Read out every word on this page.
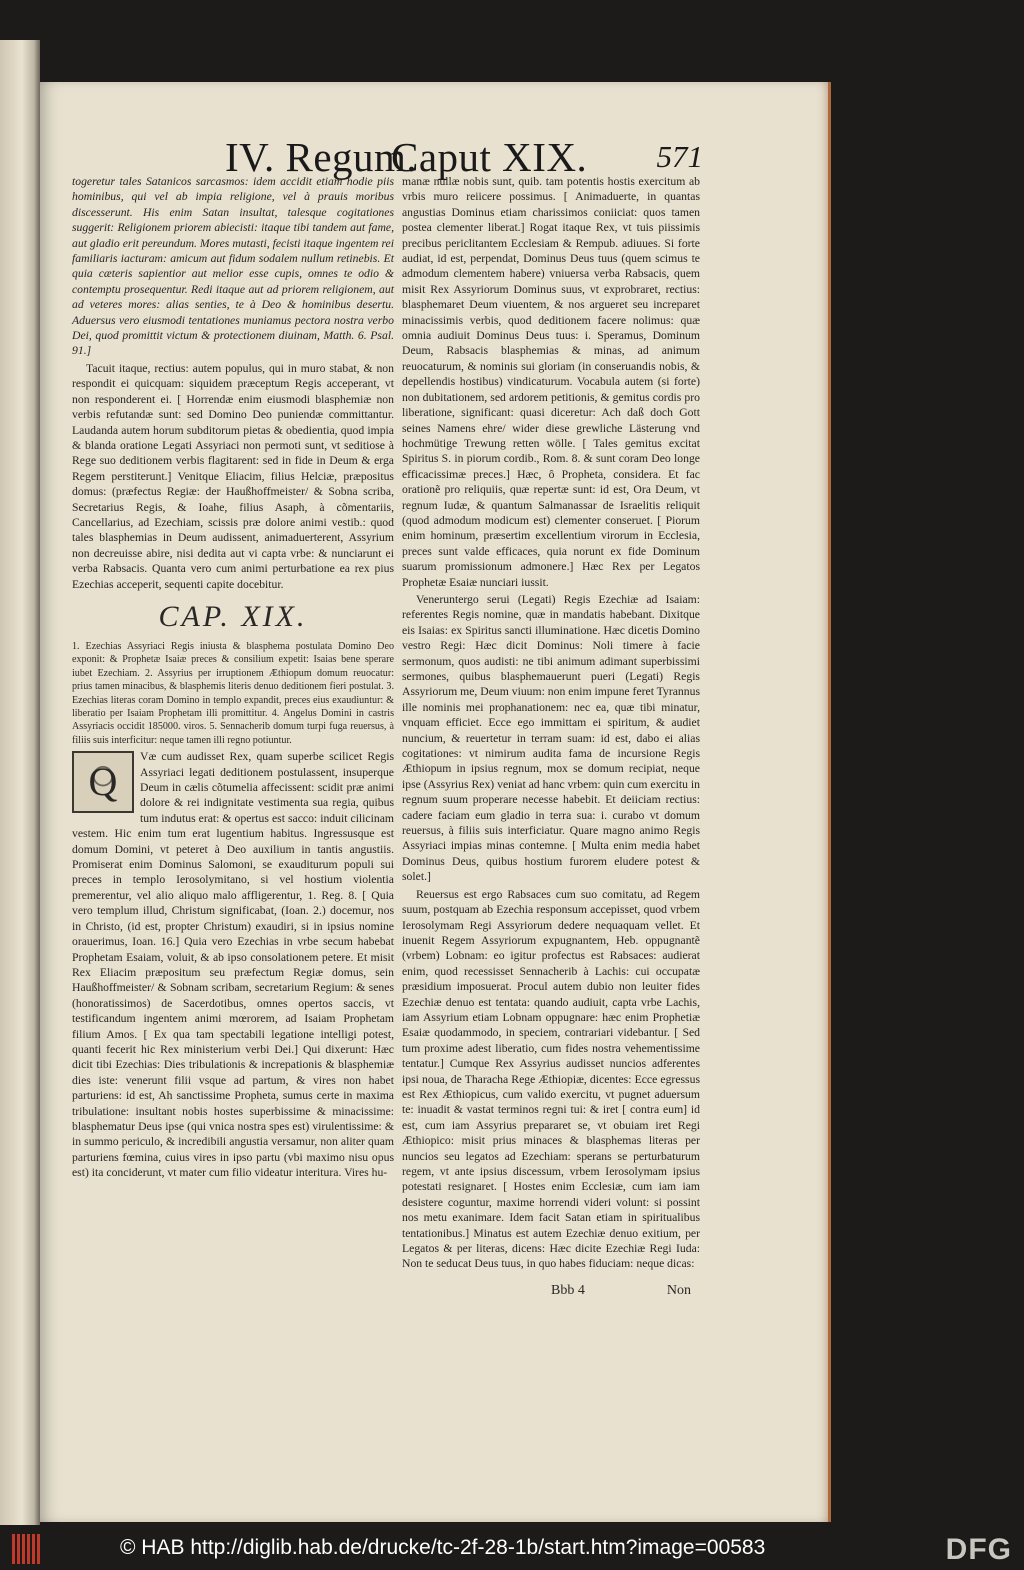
IV. Regum.
Caput XIX. 571

togeretur tales Satanicos sarcasmos: idem accidit etiam hodie piis hominibus, qui vel ab impia religione, vel à prauis moribus discesserunt. His enim Satan insultat, talesque cogitationes suggerit: Religionem priorem abiecisti: itaque tibi tandem aut fame, aut gladio erit pereundum. Mores mutasti, fecisti itaque ingentem rei familiaris iacturam: amicum aut fidum sodalem nullum retinebis. Et quia cæteris sapientior aut melior esse cupis, omnes te odio & contemptu prosequentur. Redi itaque aut ad priorem religionem, aut ad veteres mores: alias senties, te à Deo & hominibus desertu. Aduersus vero eiusmodi tentationes muniamus pectora nostra verbo Dei, quod promittit victum & protectionem diuinam, Matth. 6. Psal. 91.]

Tacuit itaque, rectius: autem populus, qui in muro stabat, & non respondit ei quicquam: siquidem præceptum Regis acceperant, vt non responderent ei. [ Horrendæ enim eiusmodi blasphemiæ non verbis refutandæ sunt: sed Domino Deo puniendæ committantur. Laudanda autem horum subditorum pietas & obedientia, quod impia & blanda oratione Legati Assyriaci non permoti sunt, vt seditiose à Rege suo deditionem verbis flagitarent: sed in fide in Deum & erga Regem perstiterunt.] Venitque Eliacim, filius Helciæ, præpositus domus: (præfectus Regiæ: der Haußhoffmeister/ & Sobna scriba, Secretarius Regis, & Ioahe, filius Asaph, à cõmentariis, Cancellarius, ad Ezechiam, scissis præ dolore animi vestib.: quod tales blasphemias in Deum audissent, animaduerterent, Assyrium non decreuisse abire, nisi dedita aut vi capta vrbe: & nunciarunt ei verba Rabsacis. Quanta vero cum animi perturbatione ea rex pius Ezechias acceperit, sequenti capite docebitur.

CAP. XIX.

1. Ezechias Assyriaci Regis iniusta & blasphema postulata Domino Deo exponit: & Prophetæ Isaiæ preces & consilium expetit: Isaias bene sperare iubet Ezechiam. 2. Assyrius per irruptionem Æthiopum domum reuocatur: prius tamen minacibus, & blasphemis literis denuo deditionem fieri postulat. 3. Ezechias literas coram Domino in templo expandit, preces eius exaudiuntur: & liberatio per Isaiam Prophetam illi promittitur. 4. Angelus Domini in castris Assyriacis occidit 185000. viros. 5. Sennacherib domum turpi fuga reuersus, à filiis suis interficitur: neque tamen illi regno potiuntur.

Q
Væ cum audisset Rex, quam superbe scilicet Regis Assyriaci legati deditionem postulassent, insuperque Deum in cælis cõtumelia affecissent: scidit præ animi dolore & rei indignitate vestimenta sua regia, quibus tum indutus erat: & opertus est sacco: induit cilicinam vestem. Hic enim tum erat lugentium habitus. Ingressusque est domum Domini, vt peteret à Deo auxilium in tantis angustiis. Promiserat enim Dominus Salomoni, se exauditurum populi sui preces in templo Ierosolymitano, si vel hostium violentia premerentur, vel alio aliquo malo affligerentur, 1. Reg. 8. [ Quia vero templum illud, Christum significabat, (Ioan. 2.) docemur, nos in Christo, (id est, propter Christum) exaudiri, si in ipsius nomine orauerimus, Ioan. 16.] Quia vero Ezechias in vrbe secum habebat Prophetam Esaiam, voluit, & ab ipso consolationem petere. Et misit Rex Eliacim præpositum seu præfectum Regiæ domus, sein Haußhoffmeister/ & Sobnam scribam, secretarium Regium: & senes (honoratissimos) de Sacerdotibus, omnes opertos saccis, vt testificandum ingentem animi mœrorem, ad Isaiam Prophetam filium Amos. [ Ex qua tam spectabili legatione intelligi potest, quanti fecerit hic Rex ministerium verbi Dei.] Qui dixerunt: Hæc dicit tibi Ezechias: Dies tribulationis & increpationis & blasphemiæ dies iste: venerunt filii vsque ad partum, & vires non habet parturiens: id est, Ah sanctissime Propheta, sumus certe in maxima tribulatione: insultant nobis hostes superbissime & minacissime: blasphematur Deus ipse (qui vnica nostra spes est) virulentissime: & in summo periculo, & incredibili angustia versamur, non aliter quam parturiens fœmina, cuius vires in ipso partu (vbi maximo nisu opus est) ita conciderunt, vt mater cum filio videatur interitura. Vires hu-

manæ nullæ nobis sunt, quib. tam potentis hostis exercitum ab vrbis muro reiicere possimus. [ Animaduerte, in quantas angustias Dominus etiam charissimos coniiciat: quos tamen postea clementer liberat.] Rogat itaque Rex, vt tuis piissimis precibus periclitantem Ecclesiam & Rempub. adiuues. Si forte audiat, id est, perpendat, Dominus Deus tuus (quem scimus te admodum clementem habere) vniuersa verba Rabsacis, quem misit Rex Assyriorum Dominus suus, vt exprobraret, rectius: blasphemaret Deum viuentem, & nos argueret seu increparet minacissimis verbis, quod deditionem facere nolimus: quæ omnia audiuit Dominus Deus tuus: i. Speramus, Dominum Deum, Rabsacis blasphemias & minas, ad animum reuocaturum, & nominis sui gloriam (in conseruandis nobis, & depellendis hostibus) vindicaturum. Vocabula autem (si forte) non dubitationem, sed ardorem petitionis, & gemitus cordis pro liberatione, significant: quasi diceretur: Ach daß doch Gott seines Namens ehre/ wider diese grewliche Lästerung vnd hochmütige Trewung retten wölle. [ Tales gemitus excitat Spiritus S. in piorum cordib., Rom. 8. & sunt coram Deo longe efficacissimæ preces.] Hæc, ô Propheta, considera. Et fac orationẽ pro reliquiis, quæ repertæ sunt: id est, Ora Deum, vt regnum Iudæ, & quantum Salmanassar de Israelitis reliquit (quod admodum modicum est) clementer conseruet. [ Piorum enim hominum, præsertim excellentium virorum in Ecclesia, preces sunt valde efficaces, quia norunt ex fide Dominum suarum promissionum admonere.] Hæc Rex per Legatos Prophetæ Esaiæ nunciari iussit.

Veneruntergo serui (Legati) Regis Ezechiæ ad Isaiam: referentes Regis nomine, quæ in mandatis habebant. Dixitque eis Isaias: ex Spiritus sancti illuminatione. Hæc dicetis Domino vestro Regi: Hæc dicit Dominus: Noli timere à facie sermonum, quos audisti: ne tibi animum adimant superbissimi sermones, quibus blasphemauerunt pueri (Legati) Regis Assyriorum me, Deum viuum: non enim impune feret Tyrannus ille nominis mei prophanationem: nec ea, quæ tibi minatur, vnquam efficiet. Ecce ego immittam ei spiritum, & audiet nuncium, & reuertetur in terram suam: id est, dabo ei alias cogitationes: vt nimirum audita fama de incursione Regis Æthiopum in ipsius regnum, mox se domum recipiat, neque ipse (Assyrius Rex) veniat ad hanc vrbem: quin cum exercitu in regnum suum properare necesse habebit. Et deiiciam rectius: cadere faciam eum gladio in terra sua: i. curabo vt domum reuersus, à filiis suis interficiatur. Quare magno animo Regis Assyriaci impias minas contemne. [ Multa enim media habet Dominus Deus, quibus hostium furorem eludere potest & solet.]

Reuersus est ergo Rabsaces cum suo comitatu, ad Regem suum, postquam ab Ezechia responsum accepisset, quod vrbem Ierosolymam Regi Assyriorum dedere nequaquam vellet. Et inuenit Regem Assyriorum expugnantem, Heb. oppugnantẽ (vrbem) Lobnam: eo igitur profectus est Rabsaces: audierat enim, quod recessisset Sennacherib à Lachis: cui occupatæ præsidium imposuerat. Procul autem dubio non leuiter fides Ezechiæ denuo est tentata: quando audiuit, capta vrbe Lachis, iam Assyrium etiam Lobnam oppugnare: hæc enim Prophetiæ Esaiæ quodammodo, in speciem, contrariari videbantur. [ Sed tum proxime adest liberatio, cum fides nostra vehementissime tentatur.] Cumque Rex Assyrius audisset nuncios adferentes ipsi noua, de Tharacha Rege Æthiopiæ, dicentes: Ecce egressus est Rex Æthiopicus, cum valido exercitu, vt pugnet aduersum te: inuadit & vastat terminos regni tui: & iret [ contra eum] id est, cum iam Assyrius prepararet se, vt obuiam iret Regi Æthiopico: misit prius minaces & blasphemas literas per nuncios seu legatos ad Ezechiam: sperans se perturbaturum regem, vt ante ipsius discessum, vrbem Ierosolymam ipsius potestati resignaret. [ Hostes enim Ecclesiæ, cum iam iam desistere coguntur, maxime horrendi videri volunt: si possint nos metu exanimare. Idem facit Satan etiam in spiritualibus tentationibus.] Minatus est autem Ezechiæ denuo exitium, per Legatos & per literas, dicens: Hæc dicite Ezechiæ Regi Iuda: Non te seducat Deus tuus, in quo habes fiduciam: neque dicas:

Bbb 4	Non
© HAB http://diglib.hab.de/drucke/tc-2f-28-1b/start.htm?image=00583	DFG
